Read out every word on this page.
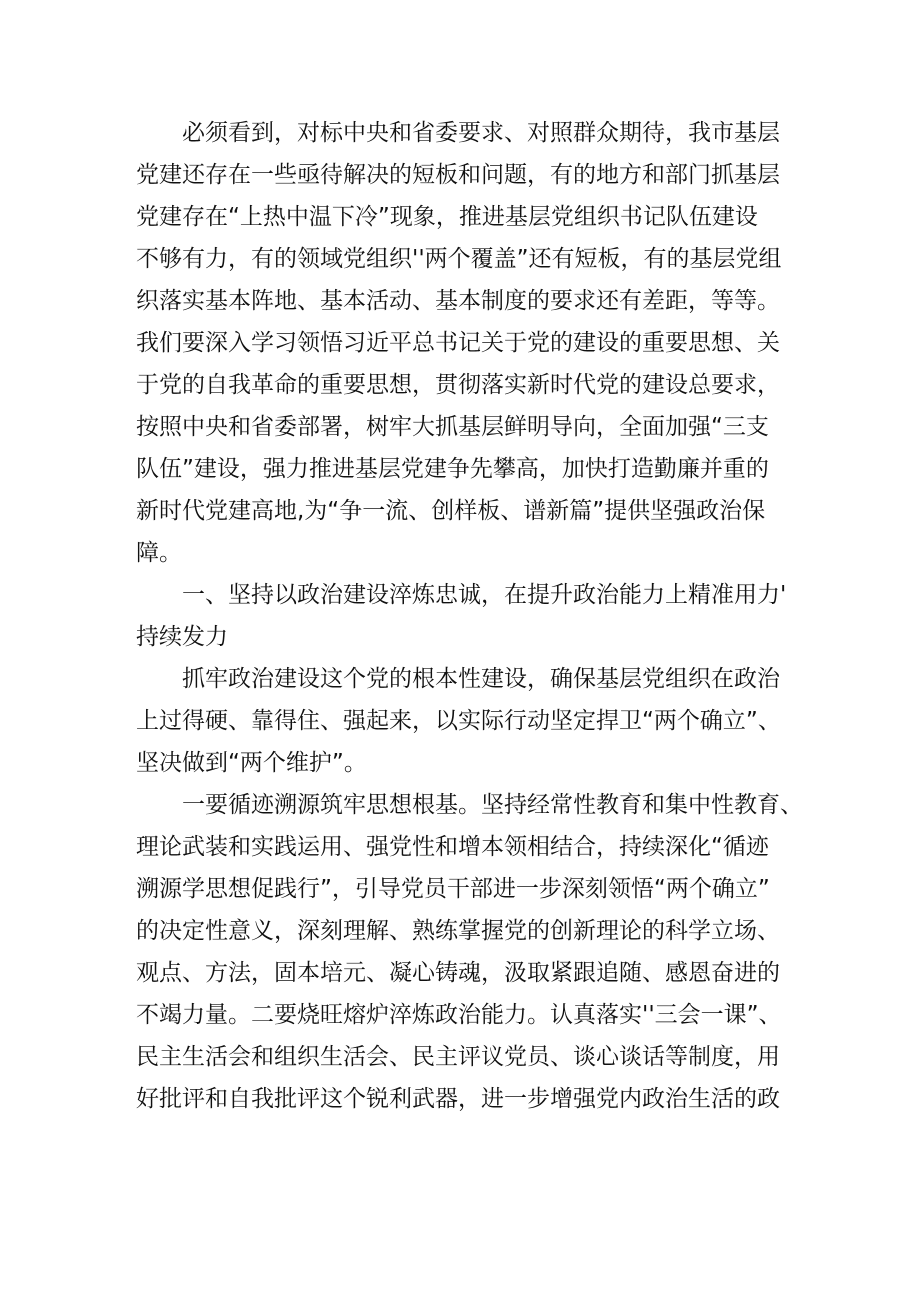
必须看到，对标中央和省委要求、对照群众期待，我市基层
党建还存在一些亟待解决的短板和问题，有的地方和部门抓基层
党建存在“上热中温下冷”现象，推进基层党组织书记队伍建设
不够有力，有的领域党组织''两个覆盖”还有短板，有的基层党组
织落实基本阵地、基本活动、基本制度的要求还有差距，等等。
我们要深入学习领悟习近平总书记关于党的建设的重要思想、关
于党的自我革命的重要思想，贯彻落实新时代党的建设总要求，
按照中央和省委部署，树牢大抓基层鲜明导向，全面加强“三支
队伍”建设，强力推进基层党建争先攀高，加快打造勤廉并重的
新时代党建高地,为“争一流、创样板、谱新篇”提供坚强政治保
障。
一、坚持以政治建设淬炼忠诚，在提升政治能力上精准用力'
持续发力
抓牢政治建设这个党的根本性建设，确保基层党组织在政治
上过得硬、靠得住、强起来，以实际行动坚定捍卫“两个确立”、
坚决做到“两个维护”。
一要循迹溯源筑牢思想根基。坚持经常性教育和集中性教育、
理论武装和实践运用、强党性和增本领相结合，持续深化“循迹
溯源学思想促践行”，引导党员干部进一步深刻领悟“两个确立”
的决定性意义，深刻理解、熟练掌握党的创新理论的科学立场、
观点、方法，固本培元、凝心铸魂，汲取紧跟追随、感恩奋进的
不竭力量。二要烧旺熔炉淬炼政治能力。认真落实''三会一课”、
民主生活会和组织生活会、民主评议党员、谈心谈话等制度，用
好批评和自我批评这个锐利武器，进一步增强党内政治生活的政
